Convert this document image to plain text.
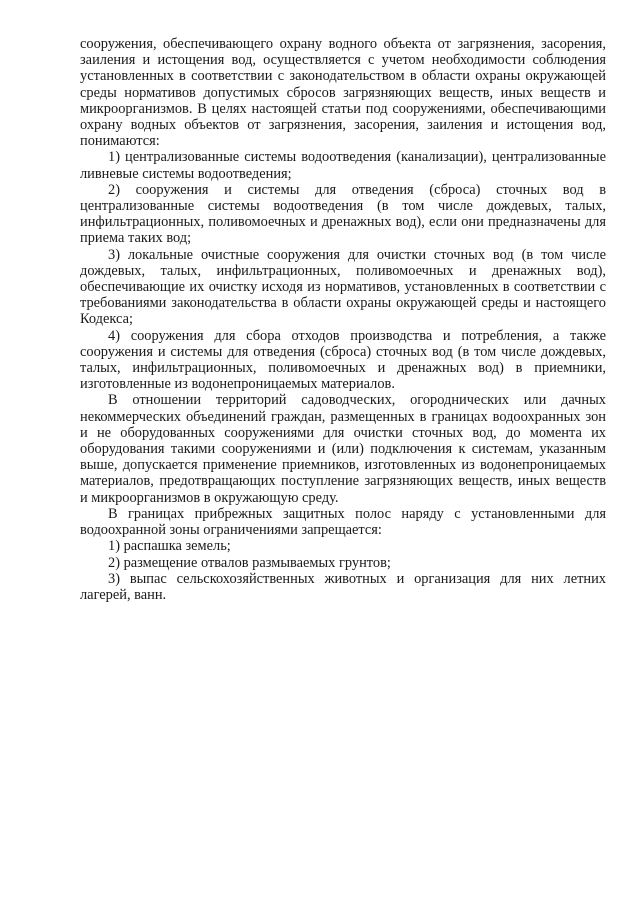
сооружения, обеспечивающего охрану водного объекта от загрязнения, засорения, заиления и истощения вод, осуществляется с учетом необходимости соблюдения установленных в соответствии с законодательством в области охраны окружающей среды нормативов допустимых сбросов загрязняющих веществ, иных веществ и микроорганизмов. В целях настоящей статьи под сооружениями, обеспечивающими охрану водных объектов от загрязнения, засорения, заиления и истощения вод, понимаются:

1) централизованные системы водоотведения (канализации), централизованные ливневые системы водоотведения;

2) сооружения и системы для отведения (сброса) сточных вод в централизованные системы водоотведения (в том числе дождевых, талых, инфильтрационных, поливомоечных и дренажных вод), если они предназначены для приема таких вод;

3) локальные очистные сооружения для очистки сточных вод (в том числе дождевых, талых, инфильтрационных, поливомоечных и дренажных вод), обеспечивающие их очистку исходя из нормативов, установленных в соответствии с требованиями законодательства в области охраны окружающей среды и настоящего Кодекса;

4) сооружения для сбора отходов производства и потребления, а также сооружения и системы для отведения (сброса) сточных вод (в том числе дождевых, талых, инфильтрационных, поливомоечных и дренажных вод) в приемники, изготовленные из водонепроницаемых материалов.

В отношении территорий садоводческих, огороднических или дачных некоммерческих объединений граждан, размещенных в границах водоохранных зон и не оборудованных сооружениями для очистки сточных вод, до момента их оборудования такими сооружениями и (или) подключения к системам, указанным выше, допускается применение приемников, изготовленных из водонепроницаемых материалов, предотвращающих поступление загрязняющих веществ, иных веществ и микроорганизмов в окружающую среду.

В границах прибрежных защитных полос наряду с установленными для водоохранной зоны ограничениями запрещается:

1) распашка земель;

2) размещение отвалов размываемых грунтов;

3) выпас сельскохозяйственных животных и организация для них летних лагерей, ванн.
